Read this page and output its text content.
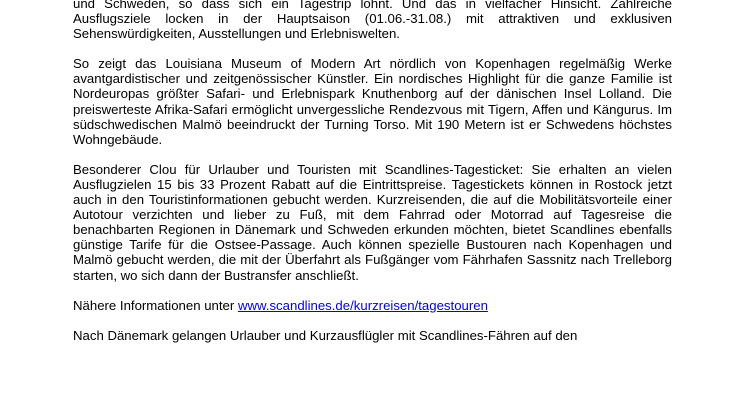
und Schweden, so dass sich ein Tagestrip lohnt. Und das in vielfacher Hinsicht. Zahlreiche Ausflugsziele locken in der Hauptsaison (01.06.-31.08.) mit attraktiven und exklusiven Sehenswürdigkeiten, Ausstellungen und Erlebniswelten.

So zeigt das Louisiana Museum of Modern Art nördlich von Kopenhagen regelmäßig Werke avantgardistischer und zeitgenössischer Künstler. Ein nordisches Highlight für die ganze Familie ist Nordeuropas größter Safari- und Erlebnispark Knuthenborg auf der dänischen Insel Lolland. Die preiswerteste Afrika-Safari ermöglicht unvergessliche Rendezvous mit Tigern, Affen und Kängurus. Im südschwedischen Malmö beeindruckt der Turning Torso. Mit 190 Metern ist er Schwedens höchstes Wohngebäude.

Besonderer Clou für Urlauber und Touristen mit Scandlines-Tagesticket: Sie erhalten an vielen Ausflugzielen 15 bis 33 Prozent Rabatt auf die Eintrittspreise. Tagestickets können in Rostock jetzt auch in den Touristinformationen gebucht werden. Kurzreisenden, die auf die Mobilitätsvorteile einer Autotour verzichten und lieber zu Fuß, mit dem Fahrrad oder Motorrad auf Tagesreise die benachbarten Regionen in Dänemark und Schweden erkunden möchten, bietet Scandlines ebenfalls günstige Tarife für die Ostsee-Passage. Auch können spezielle Bustouren nach Kopenhagen und Malmö gebucht werden, die mit der Überfahrt als Fußgänger vom Fährhafen Sassnitz nach Trelleborg starten, wo sich dann der Bustransfer anschließt.

Nähere Informationen unter www.scandlines.de/kurzreisen/tagestouren

Nach Dänemark gelangen Urlauber und Kurzausflügler mit Scandlines-Fähren auf den
